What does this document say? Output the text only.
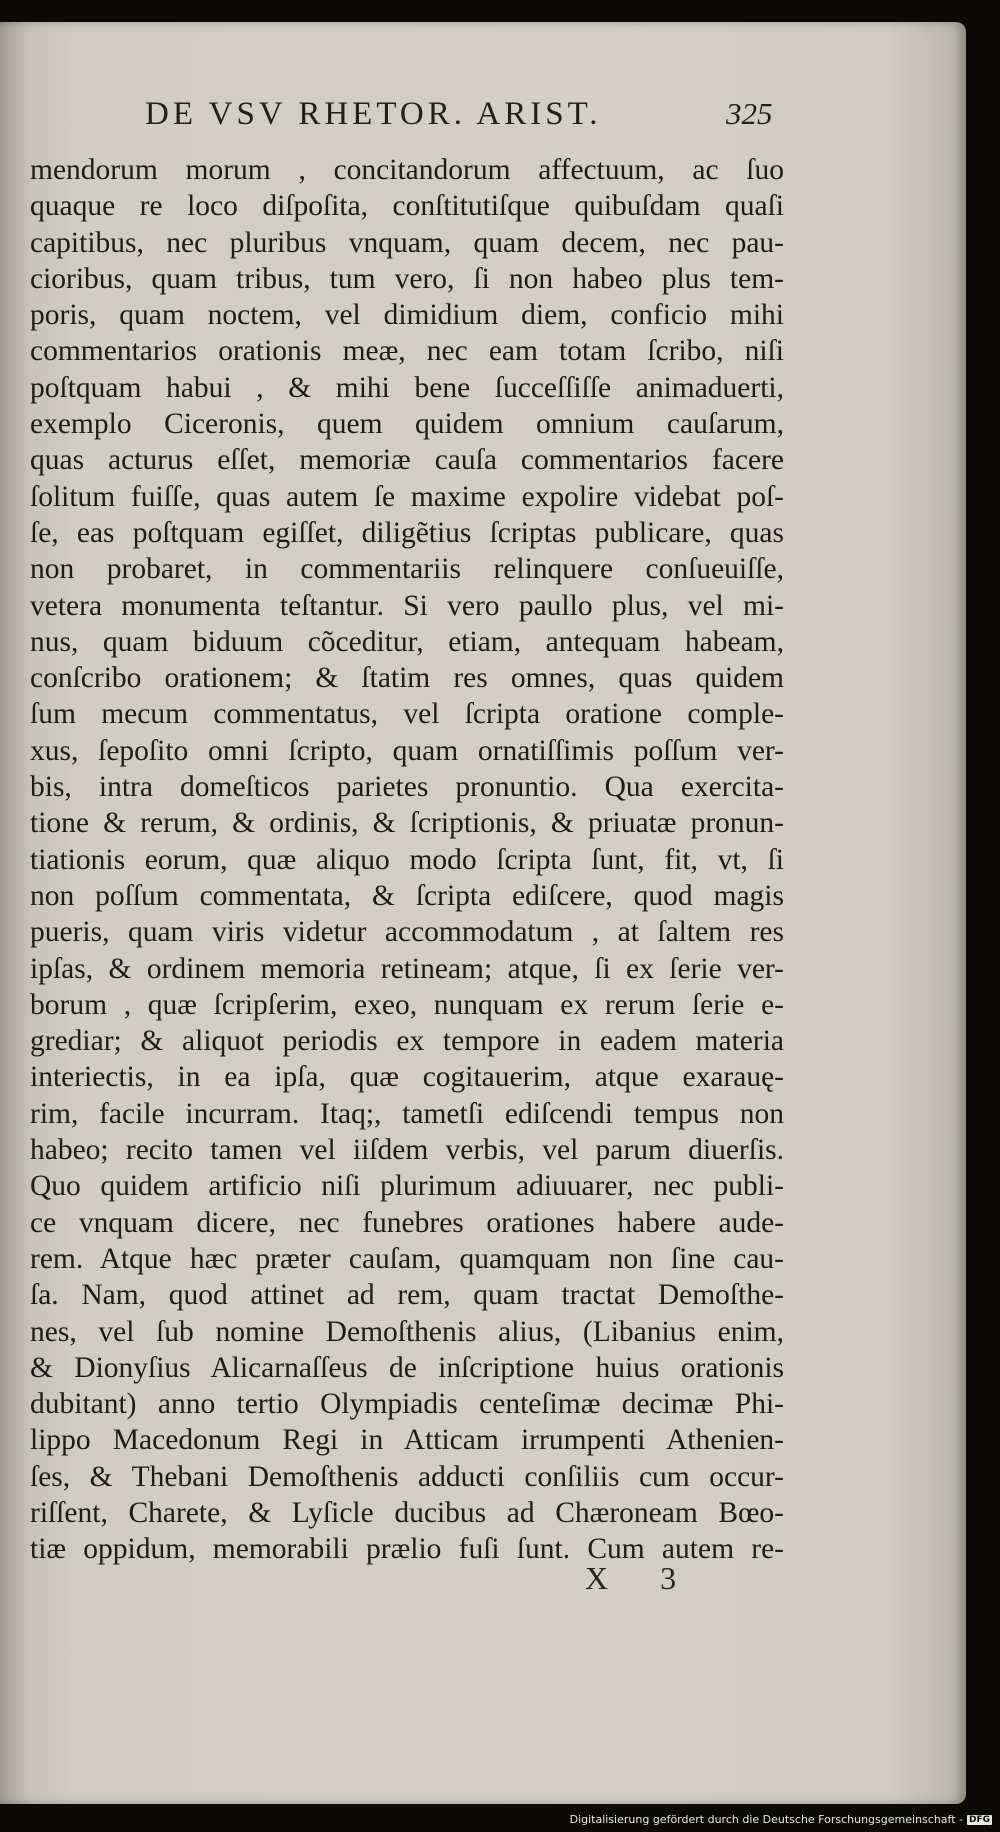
DE VSV RHETOR. ARIST.	325
mendorum morum , concitandorum affectuum, ac ſuo
quaque re loco diſpoſita, conſtitutiſque quibuſdam quaſi
capitibus, nec pluribus vnquam, quam decem, nec pau-
cioribus, quam tribus, tum vero, ſi non habeo plus tem-
poris, quam noctem, vel dimidium diem, conficio mihi
commentarios orationis meæ, nec eam totam ſcribo, niſi
poſtquam habui , & mihi bene ſucceſſiſſe animaduerti,
exemplo Ciceronis, quem quidem omnium cauſarum,
quas acturus eſſet, memoriæ cauſa commentarios facere
ſolitum fuiſſe, quas autem ſe maxime expolire videbat poſ-
ſe, eas poſtquam egiſſet, diligẽtius ſcriptas publicare, quas
non probaret, in commentariis relinquere conſueuiſſe,
vetera monumenta teſtantur. Si vero paullo plus, vel mi-
nus, quam biduum cõceditur, etiam, antequam habeam,
conſcribo orationem; & ſtatim res omnes, quas quidem
ſum mecum commentatus, vel ſcripta oratione comple-
xus, ſepoſito omni ſcripto, quam ornatiſſimis poſſum ver-
bis, intra domeſticos parietes pronuntio. Qua exercita-
tione & rerum, & ordinis, & ſcriptionis, & priuatæ pronun-
tiationis eorum, quæ aliquo modo ſcripta ſunt, fit, vt, ſi
non poſſum commentata, & ſcripta ediſcere, quod magis
pueris, quam viris videtur accommodatum , at ſaltem res
ipſas, & ordinem memoria retineam; atque, ſi ex ſerie ver-
borum , quæ ſcripſerim, exeo, nunquam ex rerum ſerie e-
grediar; & aliquot periodis ex tempore in eadem materia
interiectis, in ea ipſa, quæ cogitauerim, atque exarauę-
rim, facile incurram. Itaq;, tametſi ediſcendi tempus non
habeo; recito tamen vel iiſdem verbis, vel parum diuerſis.
Quo quidem artificio niſi plurimum adiuuarer, nec publi-
ce vnquam dicere, nec funebres orationes habere aude-
rem. Atque hæc præter cauſam, quamquam non ſine cau-
ſa. Nam, quod attinet ad rem, quam tractat Demoſthe-
nes, vel ſub nomine Demoſthenis alius, (Libanius enim,
& Dionyſius Alicarnaſſeus de inſcriptione huius orationis
dubitant) anno tertio Olympiadis centeſimæ decimæ Phi-
lippo Macedonum Regi in Atticam irrumpenti Athenien-
ſes, & Thebani Demoſthenis adducti conſiliis cum occur-
riſſent, Charete, & Lyſicle ducibus ad Chæroneam Bœo-
tiæ oppidum, memorabili prælio fuſi ſunt. Cum autem re-
X 3
Digitalisierung gefördert durch die Deutsche Forschungsgemeinschaft - DFG
